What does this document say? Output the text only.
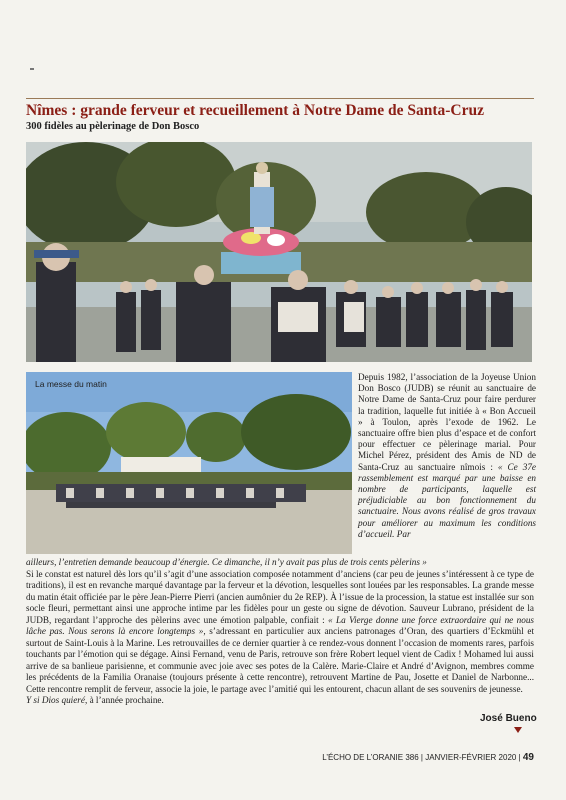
Nîmes : grande ferveur et recueillement à Notre Dame de Santa-Cruz
300 fidèles au pèlerinage de Don Bosco
La messe du matin

Depuis 1982, l’association de la Joyeuse Union Don Bosco (JUDB) se réunit au sanctuaire de Notre Dame de Santa-Cruz pour faire perdurer la tradition, laquelle fut initiée à « Bon Accueil » à Toulon, après l’exode de 1962. Le sanctuaire offre bien plus d’espace et de confort pour effectuer ce pèlerinage marial. Pour Michel Pérez, président des Amis de ND de Santa-Cruz au sanctuaire nîmois : « Ce 37e rassemblement est marqué par une baisse en nombre de participants, laquelle est préjudiciable au bon fonctionnement du sanctuaire. Nous avons réalisé de gros travaux pour améliorer au maximum les conditions d’accueil. Par

ailleurs, l’entretien demande beaucoup d’énergie. Ce dimanche, il n’y avait pas plus de trois cents pèlerins »

Si le constat est naturel dès lors qu’il s’agit d’une association composée notamment d’anciens (car peu de jeunes s’intéressent à ce type de traditions), il est en revanche marqué davantage par la ferveur et la dévotion, lesquelles sont louées par les responsables. La grande messe du matin était officiée par le père Jean-Pierre Pierri (ancien aumônier du 2e REP). À l’issue de la procession, la statue est installée sur son socle fleuri, permettant ainsi une approche intime par les fidèles pour un geste ou signe de dévotion. Sauveur Lubrano, président de la JUDB, regardant l’approche des pèlerins avec une émotion palpable, confiait : « La Vierge donne une force extraordaire qui ne nous lâche pas. Nous serons là encore longtemps », s’adressant en particulier aux anciens patronages d’Oran, des quartiers d’Eckmühl et surtout de Saint-Louis à la Marine. Les retrouvailles de ce dernier quartier à ce rendez-vous donnent l’occasion de moments rares, parfois touchants par l’émotion qui se dégage. Ainsi Fernand, venu de Paris, retrouve son frère Robert lequel vient de Cadix ! Mohamed lui aussi arrive de sa banlieue parisienne, et communie avec joie avec ses potes de la Calère. Marie-Claire et André d’Avignon, membres comme les précédents de la Familia Oranaise (toujours présente à cette rencontre), retrouvent Martine de Pau, Josette et Daniel de Narbonne... Cette rencontre remplit de ferveur, associe la joie, le partage avec l’amitié qui les entourent, chacun allant de ses souvenirs de jeunesse.

Y si Dios quieré, à l’année prochaine.

José Bueno
L’ÉCHO DE L’ORANIE 386 | JANVIER-FÉVRIER 2020 | 49
